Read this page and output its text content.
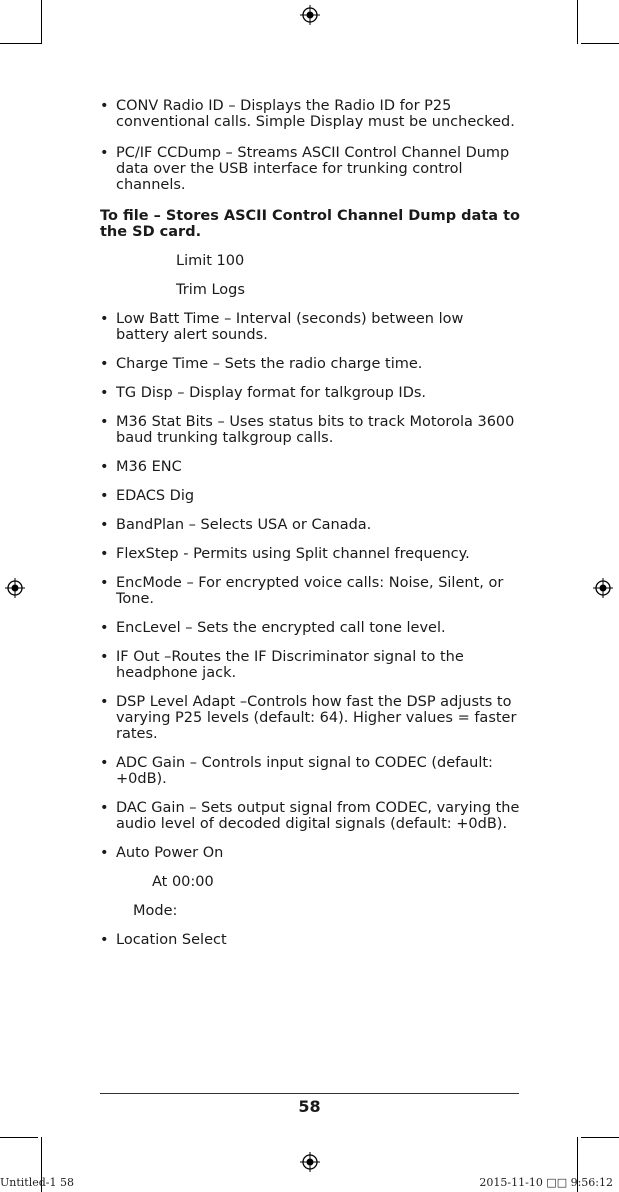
• CONV Radio ID – Displays the Radio ID for P25 conventional calls. Simple Display must be unchecked.

• PC/IF CCDump – Streams ASCII Control Channel Dump data over the USB interface for trunking control channels.

To file – Stores ASCII Control Channel Dump data to the SD card.

Limit 100

Trim Logs

• Low Batt Time – Interval (seconds) between low battery alert sounds.

• Charge Time – Sets the radio charge time.

• TG Disp – Display format for talkgroup IDs.

• M36 Stat Bits – Uses status bits to track Motorola 3600 baud trunking talkgroup calls.

• M36 ENC

• EDACS Dig

• BandPlan – Selects USA or Canada.

• FlexStep - Permits using Split channel frequency.

• EncMode – For encrypted voice calls: Noise, Silent, or Tone.

• EncLevel – Sets the encrypted call tone level.

• IF Out –Routes the IF Discriminator signal to the headphone jack.

• DSP Level Adapt –Controls how fast the DSP adjusts to varying P25 levels (default: 64). Higher values = faster rates.

• ADC Gain – Controls input signal to CODEC (default: +0dB).

• DAC Gain – Sets output signal from CODEC, varying the audio level of decoded digital signals (default: +0dB).

• Auto Power On

At 00:00

Mode:

• Location Select

58
Untitled-1 58	2015-11-10 □□ 9:56:12
